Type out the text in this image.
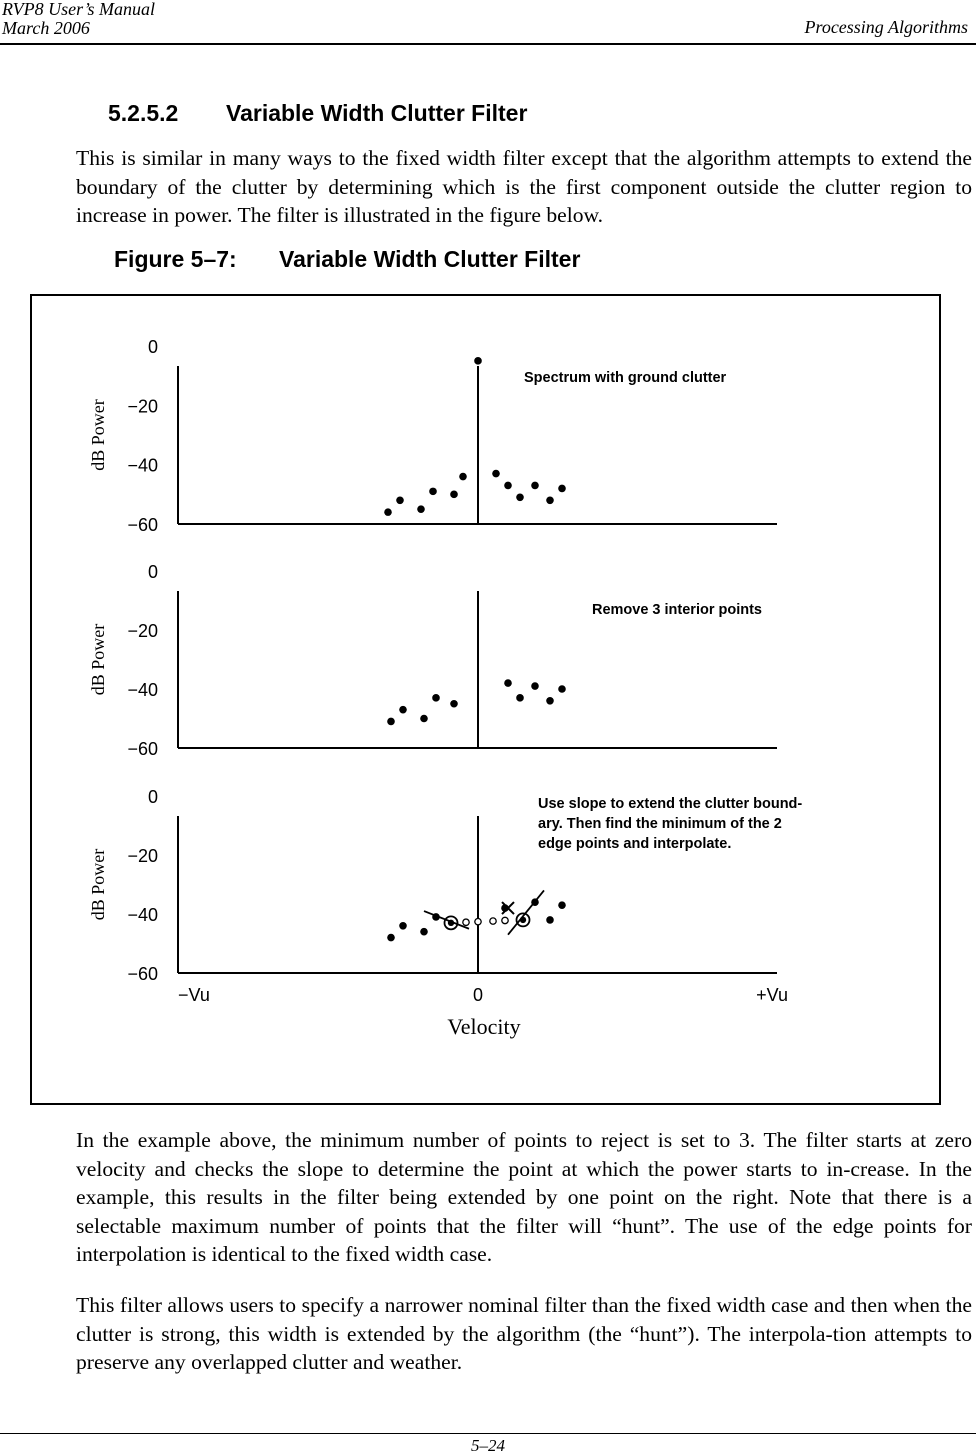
RVP8 User’s Manual
March 2006	Processing Algorithms
5.2.5.2 Variable Width Clutter Filter

This is similar in many ways to the fixed width filter except that the algorithm attempts to extend the boundary of the clutter by determining which is the first component outside the clutter region to increase in power. The filter is illustrated in the figure below.

Figure 5–7: Variable Width Clutter Filter
0
−20
−40
−60
dB Power
Spectrum with ground clutter
0
−20
−40
−60
dB Power
Remove 3 interior points
0
−20
−40
−60
dB Power
Use slope to extend the clutter bound-
ary. Then find the minimum of the 2
edge points and interpolate.
−Vu	0	+Vu
Velocity

In the example above, the minimum number of points to reject is set to 3. The filter starts at zero velocity and checks the slope to determine the point at which the power starts to in-crease. In the example, this results in the filter being extended by one point on the right. Note that there is a selectable maximum number of points that the filter will “hunt”. The use of the edge points for interpolation is identical to the fixed width case.

This filter allows users to specify a narrower nominal filter than the fixed width case and then when the clutter is strong, this width is extended by the algorithm (the “hunt”). The interpola-tion attempts to preserve any overlapped clutter and weather.

5–24
